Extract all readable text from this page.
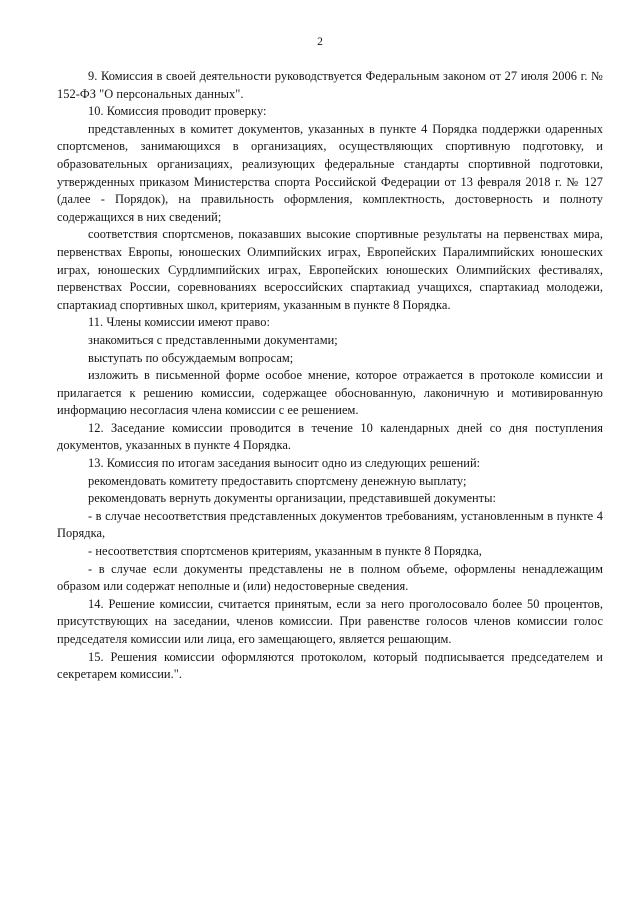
2

9. Комиссия в своей деятельности руководствуется Федеральным законом от 27 июля 2006 г. № 152-ФЗ "О персональных данных".

10. Комиссия проводит проверку:

представленных в комитет документов, указанных в пункте 4 Порядка поддержки одаренных спортсменов, занимающихся в организациях, осуществляющих спортивную подготовку, и образовательных организациях, реализующих федеральные стандарты спортивной подготовки, утвержденных приказом Министерства спорта Российской Федерации от 13 февраля 2018 г. № 127 (далее - Порядок), на правильность оформления, комплектность, достоверность и полноту содержащихся в них сведений;

соответствия спортсменов, показавших высокие спортивные результаты на первенствах мира, первенствах Европы, юношеских Олимпийских играх, Европейских Паралимпийских юношеских играх, юношеских Сурдлимпийских играх, Европейских юношеских Олимпийских фестивалях, первенствах России, соревнованиях всероссийских спартакиад учащихся, спартакиад молодежи, спартакиад спортивных школ, критериям, указанным в пункте 8 Порядка.

11. Члены комиссии имеют право:

знакомиться с представленными документами;

выступать по обсуждаемым вопросам;

изложить в письменной форме особое мнение, которое отражается в протоколе комиссии и прилагается к решению комиссии, содержащее обоснованную, лаконичную и мотивированную информацию несогласия члена комиссии с ее решением.

12. Заседание комиссии проводится в течение 10 календарных дней со дня поступления документов, указанных в пункте 4 Порядка.

13. Комиссия по итогам заседания выносит одно из следующих решений:

рекомендовать комитету предоставить спортсмену денежную выплату;

рекомендовать вернуть документы организации, представившей документы:

- в случае несоответствия представленных документов требованиям, установленным в пункте 4 Порядка,

- несоответствия спортсменов критериям, указанным в пункте 8 Порядка,

- в случае если документы представлены не в полном объеме, оформлены ненадлежащим образом или содержат неполные и (или) недостоверные сведения.

14. Решение комиссии, считается принятым, если за него проголосовало более 50 процентов, присутствующих на заседании, членов комиссии. При равенстве голосов членов комиссии голос председателя комиссии или лица, его замещающего, является решающим.

15. Решения комиссии оформляются протоколом, который подписывается председателем и секретарем комиссии.".
